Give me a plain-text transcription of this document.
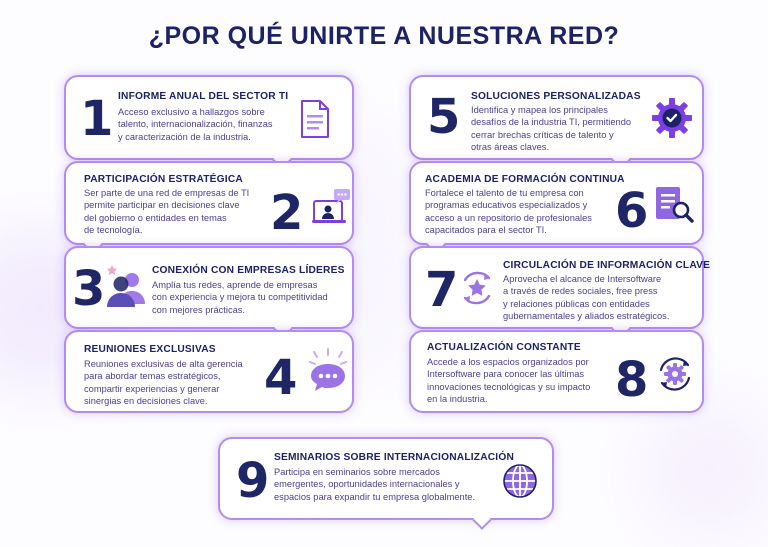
¿POR QUÉ UNIRTE A NUESTRA RED?
1 INFORME ANUAL DEL SECTOR TI
Acceso exclusivo a hallazgos sobre
talento, internacionalización, finanzas
y caracterización de la industria.
2
PARTICIPACIÓN ESTRATÉGICA
Ser parte de una red de empresas de TI
permite participar en decisiones clave
del gobierno o entidades en temas
de tecnología.
3	CONEXIÓN CON EMPRESAS LÍDERES
Amplía tus redes, aprende de empresas
con experiencia y mejora tu competitividad
con mejores prácticas.
REUNIONES EXCLUSIVAS
Reuniones exclusivas de alta gerencia
para abordar temas estratégicos,
compartir experiencias y generar
sinergias en decisiones clave.	4
5 SOLUCIONES PERSONALIZADAS
Identifica y mapea los principales
desafíos de la industria TI, permitiendo
cerrar brechas críticas de talento y
otras áreas claves.
ACADEMIA DE FORMACIÓN CONTINUA
Fortalece el talento de tu empresa con
programas educativos especializados y
acceso a un repositorio de profesionales
capacitados para el sector TI.	6
7	CIRCULACIÓN DE INFORMACIÓN CLAVE
Aprovecha el alcance de Intersoftware
a través de redes sociales, free press
y relaciones públicas con entidades
gubernamentales y aliados estratégicos.
ACTUALIZACIÓN CONSTANTE
Accede a los espacios organizados por
Intersoftware para conocer las últimas
innovaciones tecnológicas y su impacto
en la industria.	8
9 SEMINARIOS SOBRE INTERNACIONALIZACIÓN
Participa en seminarios sobre mercados
emergentes, oportunidades internacionales y
espacios para expandir tu empresa globalmente.
